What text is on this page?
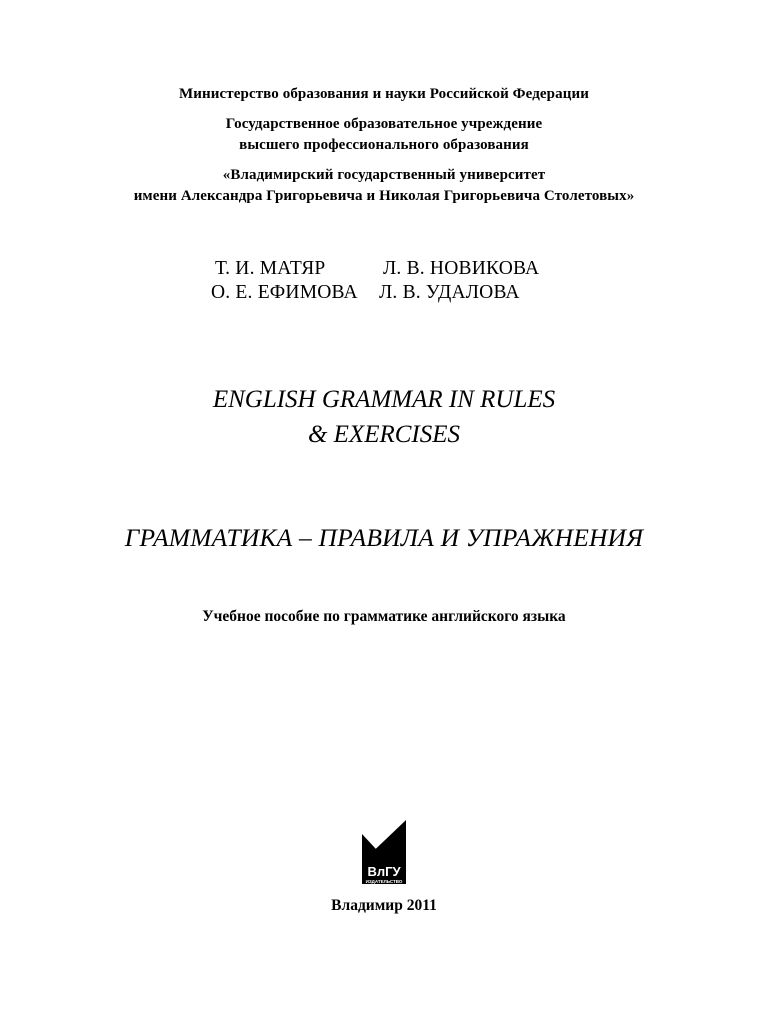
Министерство образования и науки Российской Федерации
Государственное образовательное учреждение
высшего профессионального образования
«Владимирский государственный университет
имени Александра Григорьевича и Николая Григорьевича Столетовых»
Т. И. МАТЯР	Л. В. НОВИКОВА
О. Е. ЕФИМОВА Л. В. УДАЛОВА
ENGLISH GRAMMAR IN RULES
& EXERCISES
ГРАММАТИКА – ПРАВИЛА И УПРАЖНЕНИЯ
Учебное пособие по грамматике английского языка
ВлГУ
ИЗДАТЕЛЬСТВО
Владимир 2011
